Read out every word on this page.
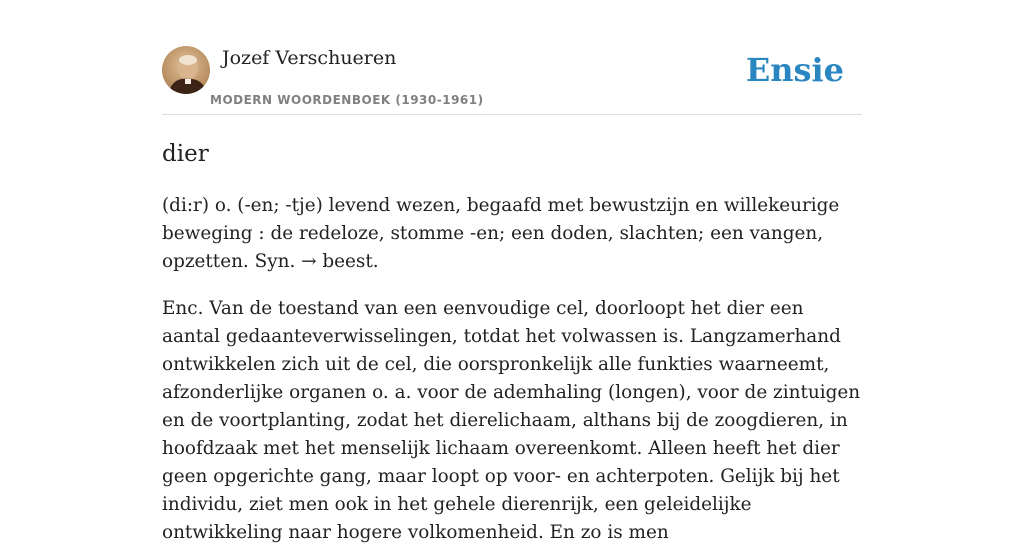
Jozef Verschueren
MODERN WOORDENBOEK (1930-1961)
Ensie
dier

(di:r) o. (-en; -tje) levend wezen, begaafd met bewustzijn en willekeurige beweging : de redeloze, stomme -en; een doden, slachten; een vangen, opzetten. Syn. → beest.

Enc. Van de toestand van een eenvoudige cel, doorloopt het dier een aantal gedaanteverwisselingen, totdat het volwassen is. Langzamerhand ontwikkelen zich uit de cel, die oorspronkelijk alle funkties waarneemt, afzonderlijke organen o. a. voor de ademhaling (longen), voor de zintuigen en de voortplanting, zodat het dierelichaam, althans bij de zoogdieren, in hoofdzaak met het menselijk lichaam overeenkomt. Alleen heeft het dier geen opgerichte gang, maar loopt op voor- en achterpoten. Gelijk bij het individu, ziet men ook in het gehele dierenrijk, een geleidelijke ontwikkeling naar hogere volkomenheid. En zo is men
